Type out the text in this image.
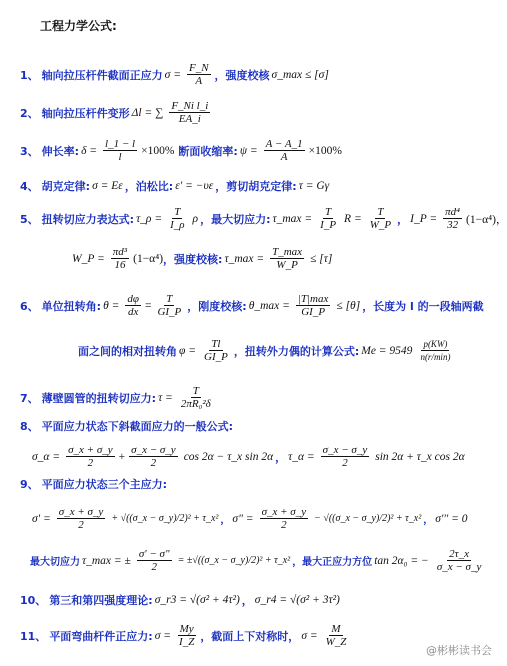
工程力学公式:
1、 轴向拉压杆件截面正应力 $\sigma = \frac{F\_N}{A}$ ，强度校核 σ_max ≤ [σ]
2、 轴向拉压杆件变形 Δl = ∑ $\frac{\text{F\_Ni l\_i}}{EA\_i}$
3、 伸长率: $\delta = \frac{l\_1 - l}{l} \times 100\%$ 断面收缩率: $\psi = \frac{A - A\_1}{A} \times 100\%$
4、 胡克定律: σ = Eε ，泊松比: ε' = −υε ，剪切胡克定律: τ = Gγ
5、 扭转切应力表达式: τ_ρ = $\frac{T}{I\_\rho}$ ρ ，最大切应力: τ_max = $\frac{T}{I\_P}$ $R = \frac{T}{W\_P}$ ， I_P = $\frac{\text{πd⁴}}{32} (1-\alpha^4)$，
W_P = $\frac{\text{πd³}}{16} (1-\alpha^4)$ ，强度校核: τ_max = $\frac{T\_\max}{W\_P} \le [\tau]$
6、 单位扭转角: $\theta = \frac{d\varphi}{dx} = \frac{T}{GI\_P}$ ，刚度校核: θ_max = $\frac{|T|\max}{GI\_P} \le [\theta]$ ，长度为 l 的一段轴两截
面之间的相对扭转角 $\varphi = \frac{Tl}{GI\_P}$ ，扭转外力偶的计算公式: $Me = 9549 \frac{p(KW)}{n(r/\min)}$
7、 薄壁圆管的扭转切应力: $\tau = \frac{T}{\text{2πR₀²δ}}$
8、 平面应力状态下斜截面应力的一般公式:
σ_α = $\frac{\sigma\_x + \sigma\_y}{2} + \frac{\sigma\_x - \sigma\_y}{2}$ cos 2α − τ_x sin 2α ， τ_α = $\frac{\sigma\_x - \sigma\_y}{2}$ sin 2α + τ_x cos 2α
9、 平面应力状态三个主应力:
$\sigma' = \frac{\sigma\_x + \sigma\_y}{2}$ + √((σ_x − σ_y)/2)² + τ_x² ， σ" = $\frac{\sigma\_x + \sigma\_y}{2}$ − √((σ_x − σ_y)/2)² + τ_x² ， σ''' = 0
最大切应力 τ_max = ± $\frac{\sigma' - \sigma"}{2}$ = ±√((σ_x − σ_y)/2)² + τ_x² ，最大正应力方位 tan 2α₀ = − $\frac{2\tau\_x}{\sigma\_x - \sigma\_y}$
10、 第三和第四强度理论: σ_r3 = √(σ² + 4τ²) ， σ_r4 = √(σ² + 3τ²)
11、 平面弯曲杆件正应力: $\sigma = \frac{My}{I\_Z}$ ，截面上下对称时， $\sigma = \frac{M}{W\_Z}$
@彬彬读书会
